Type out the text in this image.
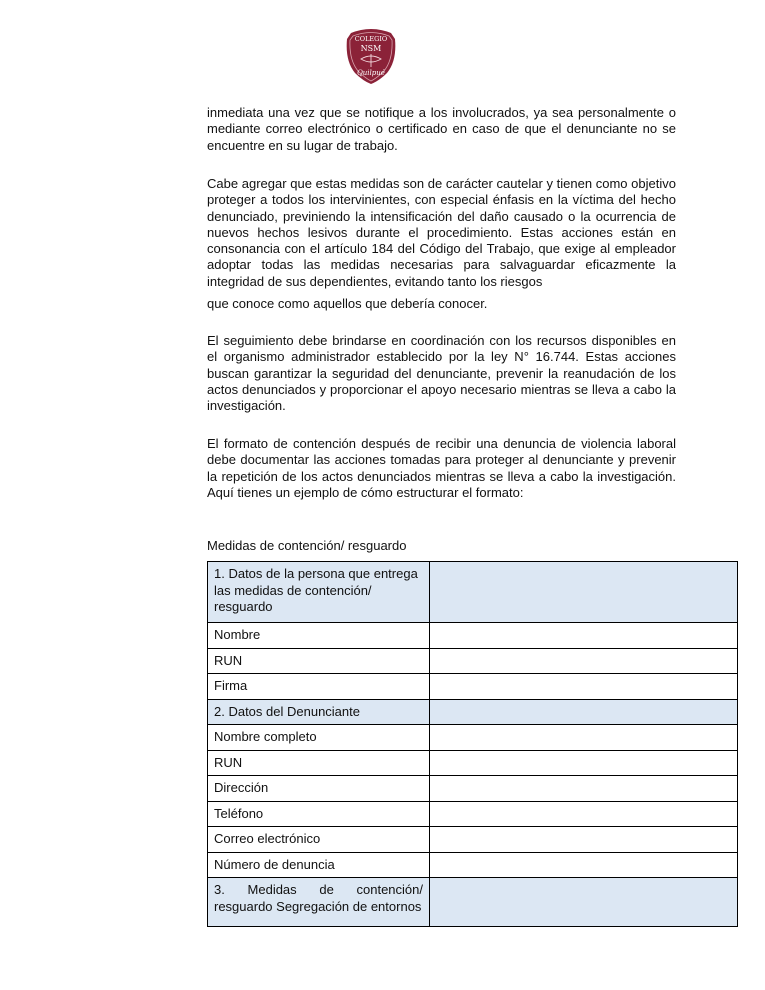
COLEGIO
NSM
Quilpué

inmediata una vez que se notifique a los involucrados, ya sea personalmente o mediante correo electrónico o certificado en caso de que el denunciante no se encuentre en su lugar de trabajo.

Cabe agregar que estas medidas son de carácter cautelar y tienen como objetivo proteger a todos los intervinientes, con especial énfasis en la víctima del hecho denunciado, previniendo la intensificación del daño causado o la ocurrencia de nuevos hechos lesivos durante el procedimiento. Estas acciones están en consonancia con el artículo 184 del Código del Trabajo, que exige al empleador adoptar todas las medidas necesarias para salvaguardar eficazmente la integridad de sus dependientes, evitando tanto los riesgos

que conoce como aquellos que debería conocer.

El seguimiento debe brindarse en coordinación con los recursos disponibles en el organismo administrador establecido por la ley N° 16.744. Estas acciones buscan garantizar la seguridad del denunciante, prevenir la reanudación de los actos denunciados y proporcionar el apoyo necesario mientras se lleva a cabo la investigación.

El formato de contención después de recibir una denuncia de violencia laboral debe documentar las acciones tomadas para proteger al denunciante y prevenir la repetición de los actos denunciados mientras se lleva a cabo la investigación. Aquí tienes un ejemplo de cómo estructurar el formato:

Medidas de contención/ resguardo
1. Datos de la persona que entrega las medidas de contención/ resguardo	
Nombre	
RUN	
Firma	
2. Datos del Denunciante	
Nombre completo	
RUN	
Dirección	
Teléfono	
Correo electrónico	
Número de denuncia	
3. Medidas de contención/ resguardo Segregación de entornos	
